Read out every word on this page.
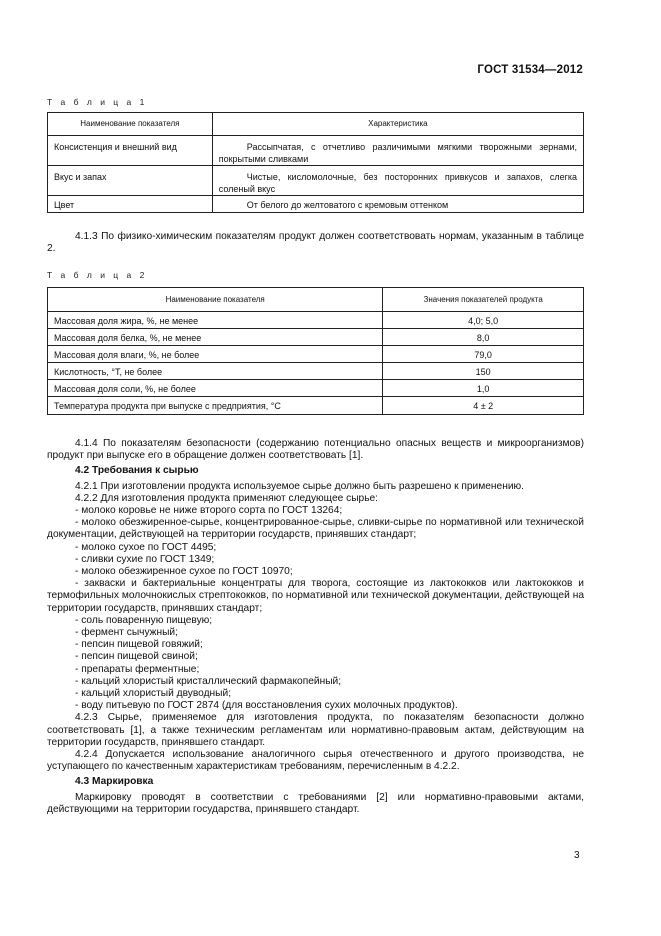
ГОСТ 31534—2012
Т а б л и ц а 1
Наименование показателя	Характеристика
Консистенция и внешний вид	Рассыпчатая, с отчетливо различимыми мягкими творожными зернами, покрытыми сливками
Вкус и запах	Чистые, кисломолочные, без посторонних привкусов и запахов, слегка соленый вкус
Цвет	От белого до желтоватого с кремовым оттенком

4.1.3 По физико-химическим показателям продукт должен соответствовать нормам, указанным в таблице 2.

Т а б л и ц а 2
Наименование показателя	Значения показателей продукта
Массовая доля жира, %, не менее	4,0; 5,0
Массовая доля белка, %, не менее	8,0
Массовая доля влаги, %, не более	79,0
Кислотность, °Т, не более	150
Массовая доля соли, %, не более	1,0
Температура продукта при выпуске с предприятия, °С	4 ± 2

4.1.4 По показателям безопасности (содержанию потенциально опасных веществ и микроорганизмов) продукт при выпуске его в обращение должен соответствовать [1].

4.2 Требования к сырью

4.2.1 При изготовлении продукта используемое сырье должно быть разрешено к применению.

4.2.2 Для изготовления продукта применяют следующее сырье:

- молоко коровье не ниже второго сорта по ГОСТ 13264;

- молоко обезжиренное-сырье, концентрированное-сырье, сливки-сырье по нормативной или технической документации, действующей на территории государств, принявших стандарт;

- молоко сухое по ГОСТ 4495;

- сливки сухие по ГОСТ 1349;

- молоко обезжиренное сухое по ГОСТ 10970;

- закваски и бактериальные концентраты для творога, состоящие из лактококков или лактококков и термофильных молочнокислых стрептококков, по нормативной или технической документации, действующей на территории государств, принявших стандарт;

- соль поваренную пищевую;

- фермент сычужный;

- пепсин пищевой говяжий;

- пепсин пищевой свиной;

- препараты ферментные;

- кальций хлористый кристаллический фармакопейный;

- кальций хлористый двуводный;

- воду питьевую по ГОСТ 2874 (для восстановления сухих молочных продуктов).

4.2.3 Сырье, применяемое для изготовления продукта, по показателям безопасности должно соответствовать [1], а также техническим регламентам или нормативно-правовым актам, действующим на территории государств, принявшего стандарт.

4.2.4 Допускается использование аналогичного сырья отечественного и другого производства, не уступающего по качественным характеристикам требованиям, перечисленным в 4.2.2.

4.3 Маркировка

Маркировку проводят в соответствии с требованиями [2] или нормативно-правовыми актами, действующими на территории государства, принявшего стандарт.

3
